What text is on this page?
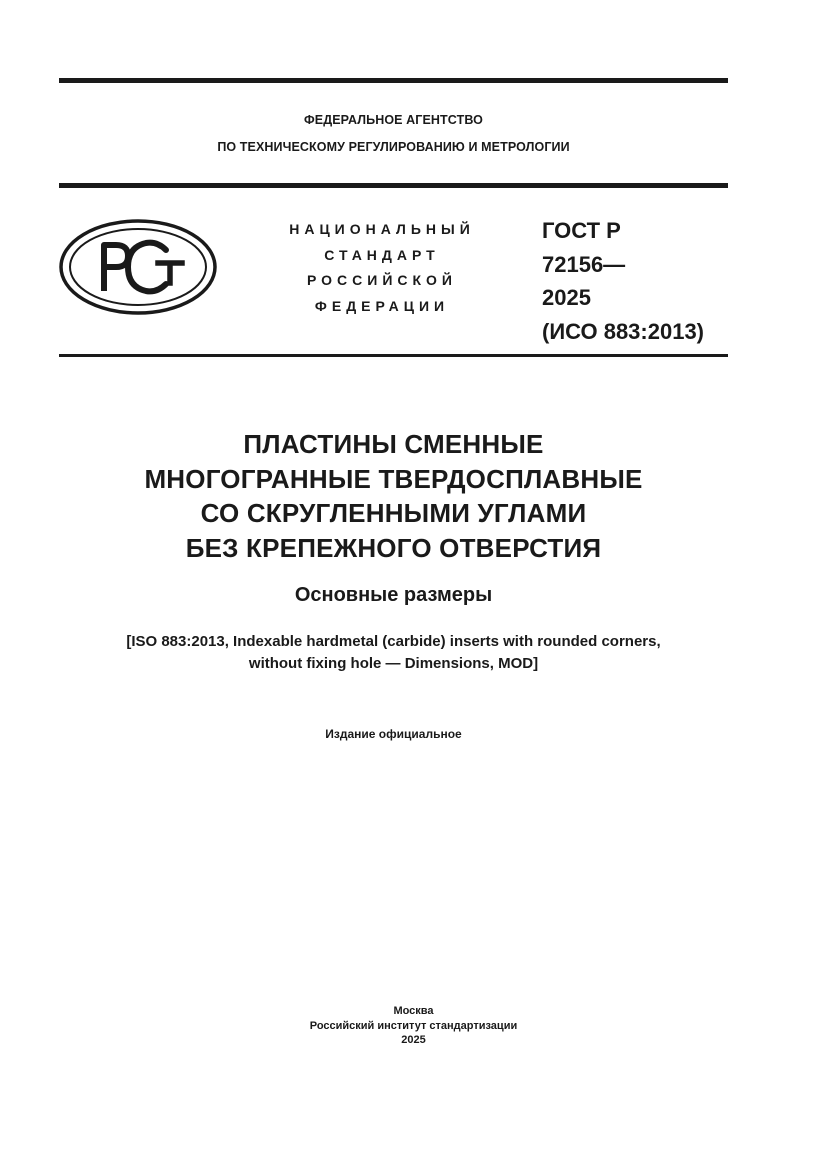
ФЕДЕРАЛЬНОЕ АГЕНТСТВО
ПО ТЕХНИЧЕСКОМУ РЕГУЛИРОВАНИЮ И МЕТРОЛОГИИ
НАЦИОНАЛЬНЫЙ
СТАНДАРТ
РОССИЙСКОЙ
ФЕДЕРАЦИИ
ГОСТ Р
72156—
2025
(ИСО 883:2013)
ПЛАСТИНЫ СМЕННЫЕ
МНОГОГРАННЫЕ ТВЕРДОСПЛАВНЫЕ
СО СКРУГЛЕННЫМИ УГЛАМИ
БЕЗ КРЕПЕЖНОГО ОТВЕРСТИЯ
Основные размеры
[ISO 883:2013, Indexable hardmetal (carbide) inserts with rounded corners,
without fixing hole — Dimensions, MOD]
Издание официальное
Москва
Российский институт стандартизации
2025
